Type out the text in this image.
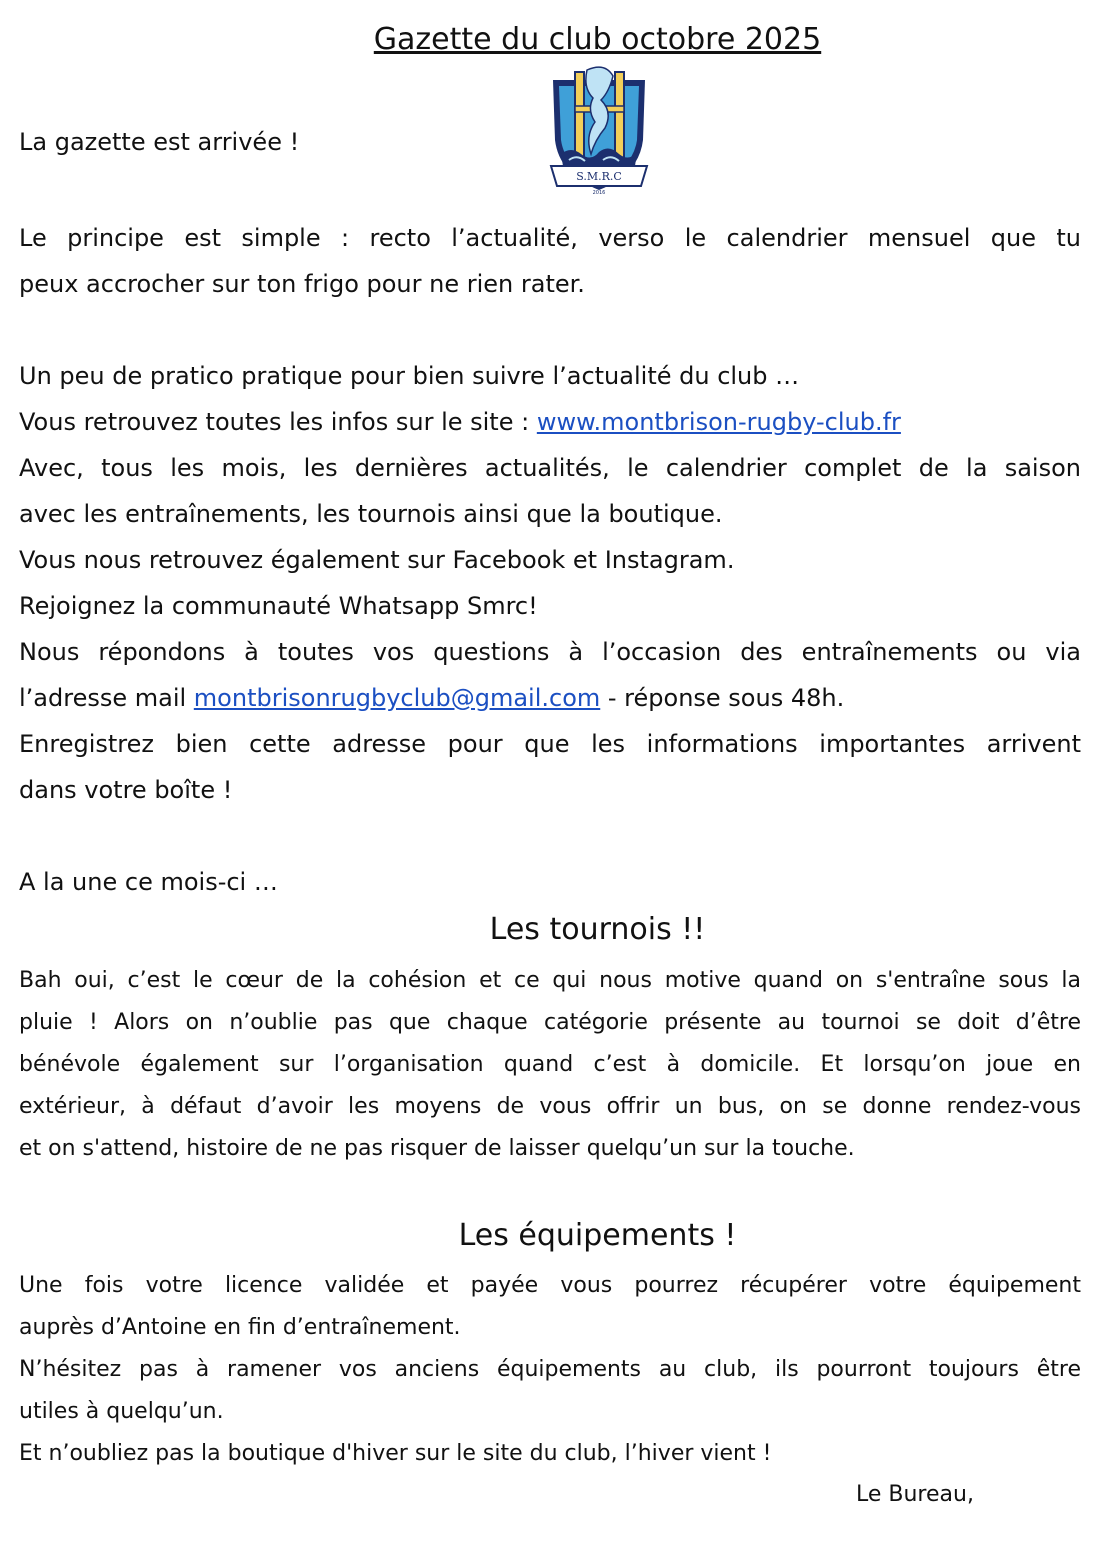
Gazette du club octobre 2025
S.M.R.C
2016

La gazette est arrivée !

Le principe est simple : recto l’actualité, verso le calendrier mensuel que tu

peux accrocher sur ton frigo pour ne rien rater.

Un peu de pratico pratique pour bien suivre l’actualité du club …

Vous retrouvez toutes les infos sur le site : www.montbrison-rugby-club.fr

Avec, tous les mois, les dernières actualités, le calendrier complet de la saison

avec les entraînements, les tournois ainsi que la boutique.

Vous nous retrouvez également sur Facebook et Instagram.

Rejoignez la communauté Whatsapp Smrc!

Nous répondons à toutes vos questions à l’occasion des entraînements ou via

l’adresse mail montbrisonrugbyclub@gmail.com - réponse sous 48h.

Enregistrez bien cette adresse pour que les informations importantes arrivent

dans votre boîte !

A la une ce mois-ci …

Les tournois !!

Bah oui, c’est le cœur de la cohésion et ce qui nous motive quand on s'entraîne sous la

pluie ! Alors on n’oublie pas que chaque catégorie présente au tournoi se doit d’être

bénévole également sur l’organisation quand c’est à domicile. Et lorsqu’on joue en

extérieur, à défaut d’avoir les moyens de vous offrir un bus, on se donne rendez-vous

et on s'attend, histoire de ne pas risquer de laisser quelqu’un sur la touche.

Les équipements !

Une fois votre licence validée et payée vous pourrez récupérer votre équipement

auprès d’Antoine en fin d’entraînement.

N’hésitez pas à ramener vos anciens équipements au club, ils pourront toujours être

utiles à quelqu’un.

Et n’oubliez pas la boutique d'hiver sur le site du club, l’hiver vient !

Le Bureau,
